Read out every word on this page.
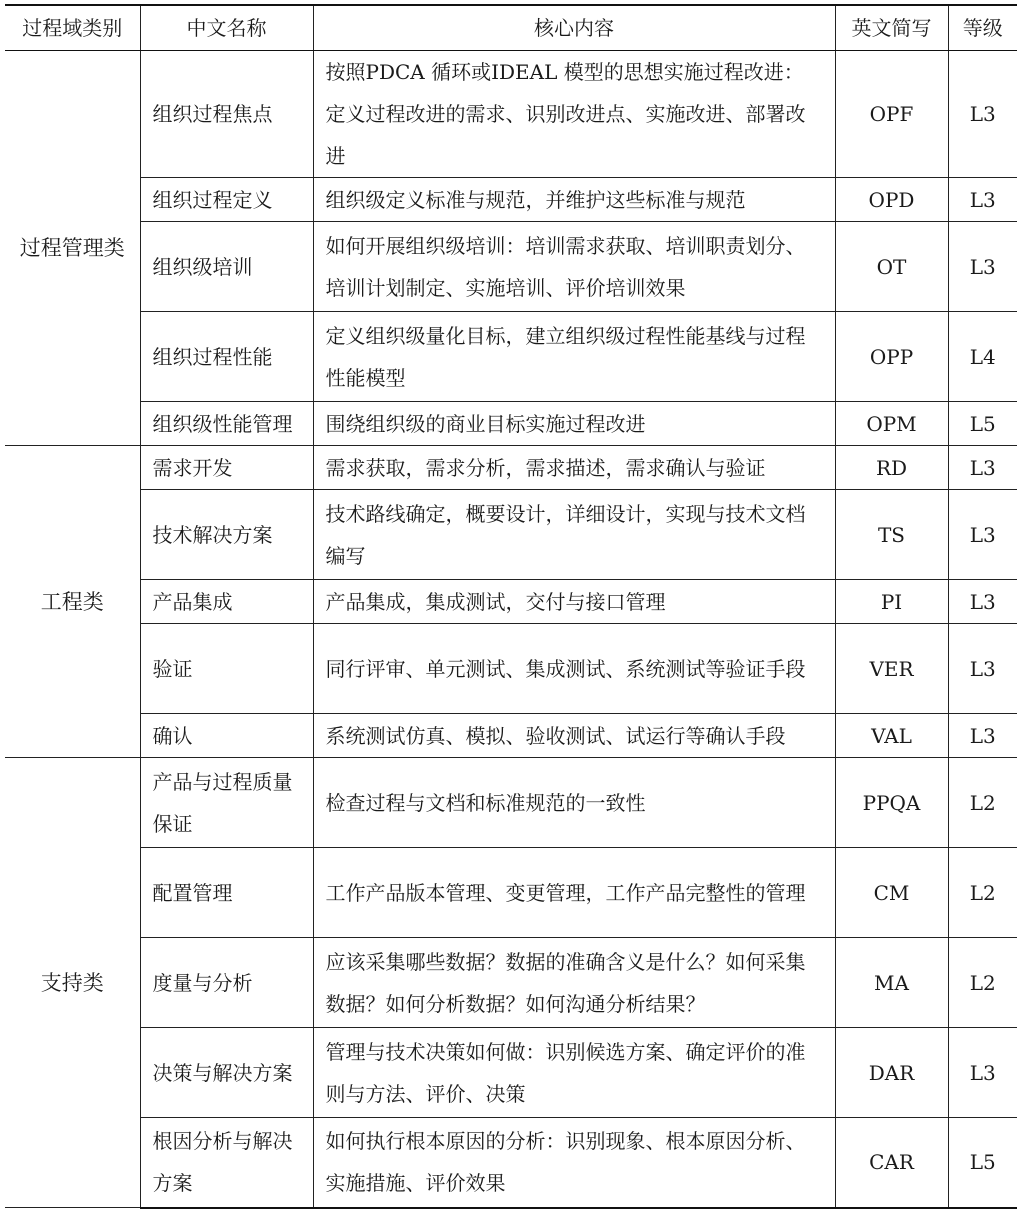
过程域类别	中文名称	核心内容	英文简写	等级
过程管理类	组织过程焦点	按照PDCA 循环或IDEAL 模型的思想实施过程改进：定义过程改进的需求、识别改进点、实施改进、部署改进	OPF	L3
	组织过程定义	组织级定义标准与规范，并维护这些标准与规范	OPD	L3
	组织级培训	如何开展组织级培训：培训需求获取、培训职责划分、培训计划制定、实施培训、评价培训效果	OT	L3
	组织过程性能	定义组织级量化目标，建立组织级过程性能基线与过程性能模型	OPP	L4
	组织级性能管理	围绕组织级的商业目标实施过程改进	OPM	L5
工程类	需求开发	需求获取，需求分析，需求描述，需求确认与验证	RD	L3
	技术解决方案	技术路线确定，概要设计，详细设计，实现与技术文档编写	TS	L3
	产品集成	产品集成，集成测试，交付与接口管理	PI	L3
	验证	同行评审、单元测试、集成测试、系统测试等验证手段	VER	L3
	确认	系统测试仿真、模拟、验收测试、试运行等确认手段	VAL	L3
支持类	产品与过程质量保证	检查过程与文档和标准规范的一致性	PPQA	L2
	配置管理	工作产品版本管理、变更管理，工作产品完整性的管理	CM	L2
	度量与分析	应该采集哪些数据？数据的准确含义是什么？如何采集数据？如何分析数据？如何沟通分析结果？	MA	L2
	决策与解决方案	管理与技术决策如何做：识别候选方案、确定评价的准则与方法、评价、决策	DAR	L3
	根因分析与解决方案	如何执行根本原因的分析：识别现象、根本原因分析、实施措施、评价效果	CAR	L5
